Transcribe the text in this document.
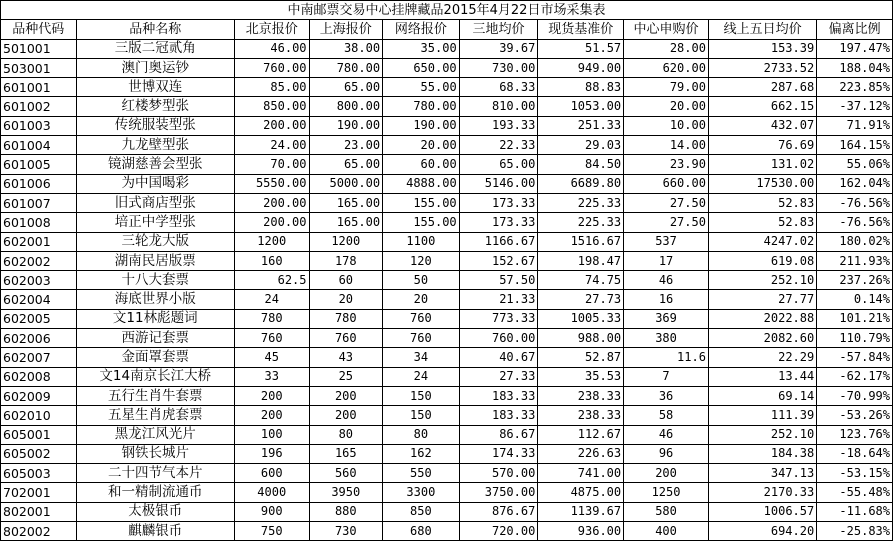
中南邮票交易中心挂牌藏品2015年4月22日市场采集表									
品种代码	品种名称	北京报价	上海报价	网络报价	三地均价	现货基准价	中心申购价	线上五日均价	偏离比例
501001	三版二冠贰角	46.00	38.00	35.00	39.67	51.57	28.00	153.39	197.47%
503001	澳门奥运钞	760.00	780.00	650.00	730.00	949.00	620.00	2733.52	188.04%
601001	世博双连	85.00	65.00	55.00	68.33	88.83	79.00	287.68	223.85%
601002	红楼梦型张	850.00	800.00	780.00	810.00	1053.00	20.00	662.15	-37.12%
601003	传统服装型张	200.00	190.00	190.00	193.33	251.33	10.00	432.07	71.91%
601004	九龙壁型张	24.00	23.00	20.00	22.33	29.03	14.00	76.69	164.15%
601005	镜湖慈善会型张	70.00	65.00	60.00	65.00	84.50	23.90	131.02	55.06%
601006	为中国喝彩	5550.00	5000.00	4888.00	5146.00	6689.80	660.00	17530.00	162.04%
601007	旧式商店型张	200.00	165.00	155.00	173.33	225.33	27.50	52.83	-76.56%
601008	培正中学型张	200.00	165.00	155.00	173.33	225.33	27.50	52.83	-76.56%
602001	三轮龙大版	1200	1200	1100	1166.67	1516.67	537	4247.02	180.02%
602002	湖南民居版票	160	178	120	152.67	198.47	17	619.08	211.93%
602003	十八大套票	62.5	60	50	57.50	74.75	46	252.10	237.26%
602004	海底世界小版	24	20	20	21.33	27.73	16	27.77	0.14%
602005	文11林彪题词	780	780	760	773.33	1005.33	369	2022.88	101.21%
602006	西游记套票	760	760	760	760.00	988.00	380	2082.60	110.79%
602007	金面罩套票	45	43	34	40.67	52.87	11.6	22.29	-57.84%
602008	文14南京长江大桥	33	25	24	27.33	35.53	7	13.44	-62.17%
602009	五行生肖牛套票	200	200	150	183.33	238.33	36	69.14	-70.99%
602010	五星生肖虎套票	200	200	150	183.33	238.33	58	111.39	-53.26%
605001	黑龙江风光片	100	80	80	86.67	112.67	46	252.10	123.76%
605002	钢铁长城片	196	165	162	174.33	226.63	96	184.38	-18.64%
605003	二十四节气本片	600	560	550	570.00	741.00	200	347.13	-53.15%
702001	和一精制流通币	4000	3950	3300	3750.00	4875.00	1250	2170.33	-55.48%
802001	太极银币	900	880	850	876.67	1139.67	580	1006.57	-11.68%
802002	麒麟银币	750	730	680	720.00	936.00	400	694.20	-25.83%
